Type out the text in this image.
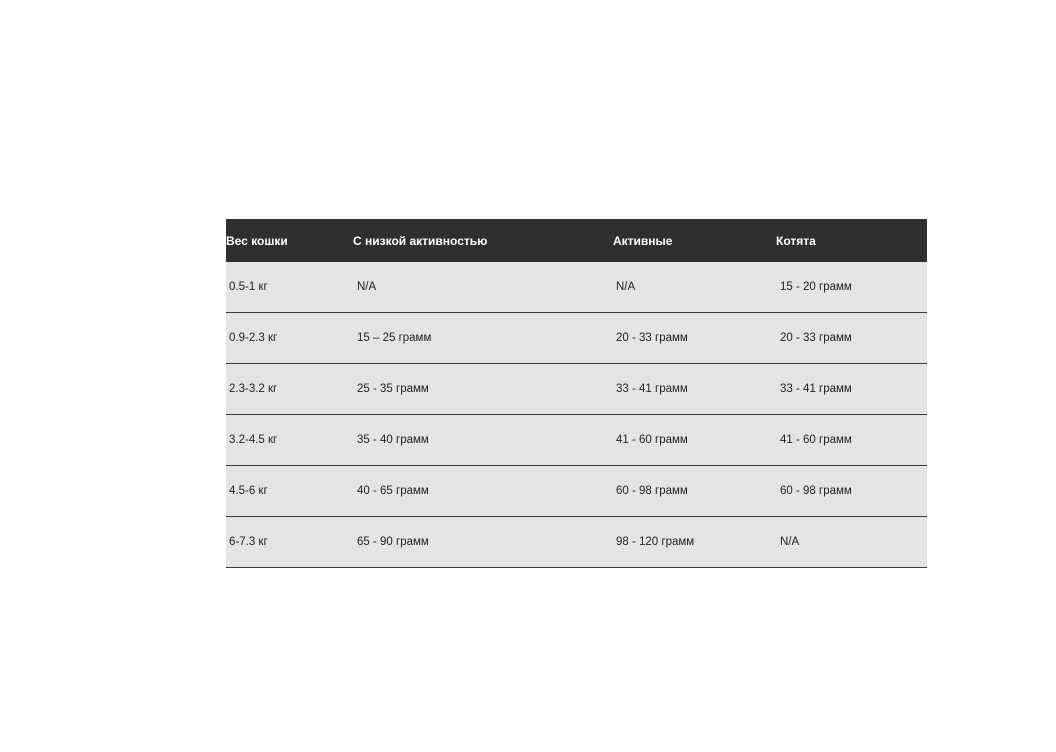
Вес кошки	С низкой активностью	Активные	Котята
0.5-1 кг	N/A	N/A	15 - 20 грамм
0.9-2.3 кг	15 – 25 грамм	20 - 33 грамм	20 - 33 грамм
2.3-3.2 кг	25 - 35 грамм	33 - 41 грамм	33 - 41 грамм
3.2-4.5 кг	35 - 40 грамм	41 - 60 грамм	41 - 60 грамм
4.5-6 кг	40 - 65 грамм	60 - 98 грамм	60 - 98 грамм
6-7.3 кг	65 - 90 грамм	98 - 120 грамм	N/A
